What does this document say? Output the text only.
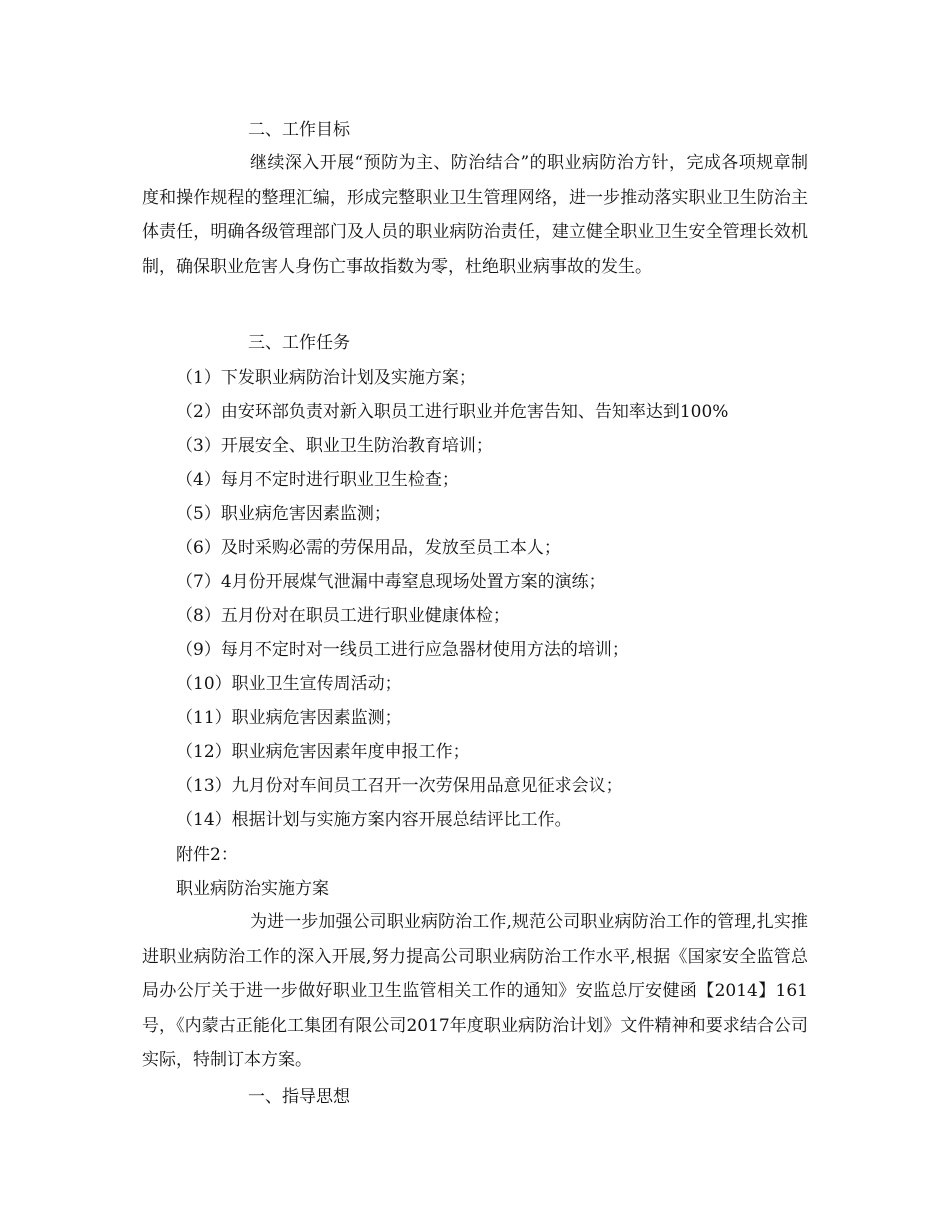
二、工作目标
继续深入开展“预防为主、防治结合”的职业病防治方针，完成各项规章制度和操作规程的整理汇编，形成完整职业卫生管理网络，进一步推动落实职业卫生防治主体责任，明确各级管理部门及人员的职业病防治责任，建立健全职业卫生安全管理长效机制，确保职业危害人身伤亡事故指数为零，杜绝职业病事故的发生。
三、工作任务
（1）下发职业病防治计划及实施方案；
（2）由安环部负责对新入职员工进行职业并危害告知、告知率达到100%
（3）开展安全、职业卫生防治教育培训；
（4）每月不定时进行职业卫生检查；
（5）职业病危害因素监测；
（6）及时采购必需的劳保用品，发放至员工本人；
（7）4月份开展煤气泄漏中毒窒息现场处置方案的演练；
（8）五月份对在职员工进行职业健康体检；
（9）每月不定时对一线员工进行应急器材使用方法的培训；
（10）职业卫生宣传周活动；
（11）职业病危害因素监测；
（12）职业病危害因素年度申报工作；
（13）九月份对车间员工召开一次劳保用品意见征求会议；
（14）根据计划与实施方案内容开展总结评比工作。
附件2：
职业病防治实施方案
为进一步加强公司职业病防治工作,规范公司职业病防治工作的管理,扎实推进职业病防治工作的深入开展,努力提高公司职业病防治工作水平,根据《国家安全监管总局办公厅关于进一步做好职业卫生监管相关工作的通知》安监总厅安健函【2014】161号，《内蒙古正能化工集团有限公司2017年度职业病防治计划》文件精神和要求结合公司实际，特制订本方案。
一、指导思想
